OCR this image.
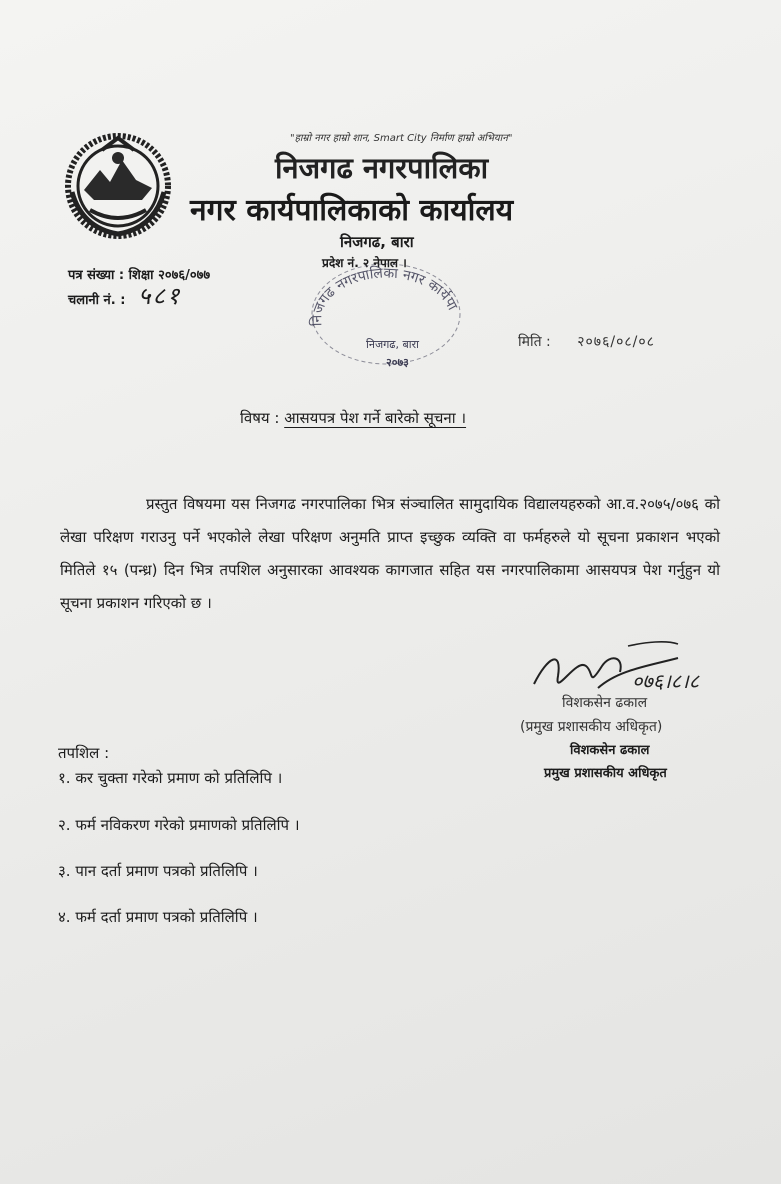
"हाम्रो नगर हाम्रो शान, Smart City निर्माण हाम्रो अभियान"
निजगढ नगरपालिका
नगर कार्यपालिकाको कार्यालय
निजगढ, बारा
प्रदेश नं. २ नेपाल ।
पत्र संख्या : शिक्षा २०७६/०७७
चलानी नं. : ५८१
निजगढ नगरपालिका नगर कार्यपा
निजगढ, बारा
२०७३
मिति : २०७६/०८/०८
विषय : आसयपत्र पेश गर्ने बारेको सूचना ।

प्रस्तुत विषयमा यस निजगढ नगरपालिका भित्र संञ्चालित सामुदायिक विद्यालयहरुको आ.व.२०७५/०७६ को लेखा परिक्षण गराउनु पर्ने भएकोले लेखा परिक्षण अनुमति प्राप्त इच्छुक व्यक्ति वा फर्महरुले यो सूचना प्रकाशन भएको मितिले १५ (पन्ध्र) दिन भित्र तपशिल अनुसारका आवश्यक कागजात सहित यस नगरपालिकामा आसयपत्र पेश गर्नुहुन यो सूचना प्रकाशन गरिएको छ ।

०७६।८।८
विशकसेन ढकाल
(प्रमुख प्रशासकीय अधिकृत)
विशकसेन ढकाल
प्रमुख प्रशासकीय अधिकृत
तपशिल :
१. कर चुक्ता गरेको प्रमाण को प्रतिलिपि ।
२. फर्म नविकरण गरेको प्रमाणको प्रतिलिपि ।
३. पान दर्ता प्रमाण पत्रको प्रतिलिपि ।
४. फर्म दर्ता प्रमाण पत्रको प्रतिलिपि ।
